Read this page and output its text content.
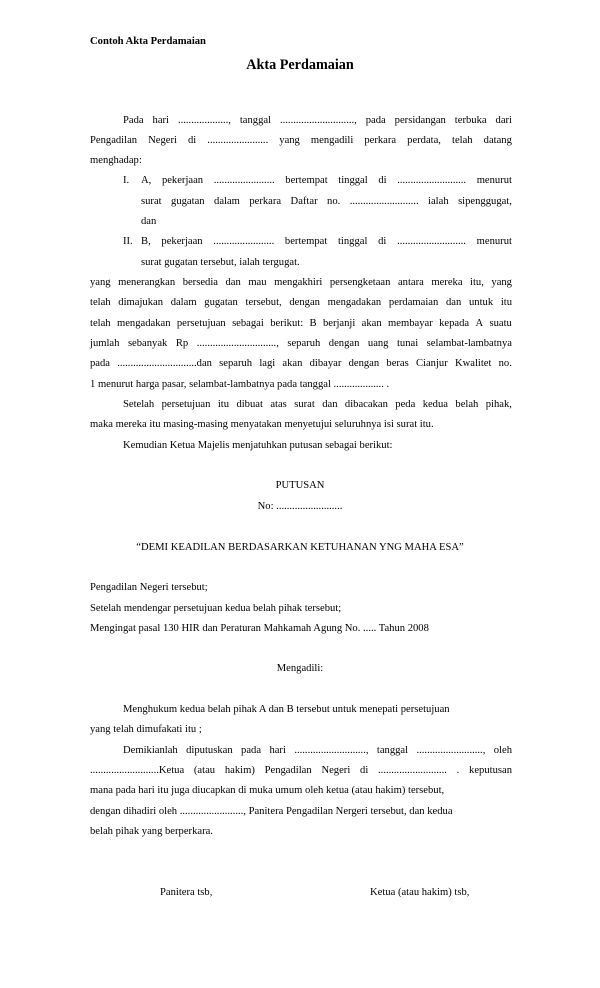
Contoh Akta Perdamaian
Akta Perdamaian
Pada hari ..................., tanggal ............................, pada persidangan terbuka dari
Pengadilan Negeri di ....................... yang mengadili perkara perdata, telah datang
menghadap:
I. A, pekerjaan ....................... bertempat tinggal di .......................... menurut
surat gugatan dalam perkara Daftar no. .......................... ialah sipenggugat,
dan
II. B, pekerjaan ....................... bertempat tinggal di .......................... menurut
surat gugatan tersebut, ialah tergugat.
yang menerangkan bersedia dan mau mengakhiri persengketaan antara mereka itu, yang
telah dimajukan dalam gugatan tersebut, dengan mengadakan perdamaian dan untuk itu
telah mengadakan persetujuan sebagai berikut: B berjanji akan membayar kepada A suatu
jumlah sebanyak Rp .............................., separuh dengan uang tunai selambat-lambatnya
pada ..............................dan separuh lagi akan dibayar dengan beras Cianjur Kwalitet no.
1 menurut harga pasar, selambat-lambatnya pada tanggal ................... .
Setelah persetujuan itu dibuat atas surat dan dibacakan peda kedua belah pihak,
maka mereka itu masing-masing menyatakan menyetujui seluruhnya isi surat itu.
Kemudian Ketua Majelis menjatuhkan putusan sebagai berikut:
PUTUSAN
No: .........................
“DEMI KEADILAN BERDASARKAN KETUHANAN YNG MAHA ESA”
Pengadilan Negeri tersebut;
Setelah mendengar persetujuan kedua belah pihak tersebut;
Mengingat pasal 130 HIR dan Peraturan Mahkamah Agung No. ..... Tahun 2008
Mengadili:
Menghukum kedua belah pihak A dan B tersebut untuk menepati persetujuan
yang telah dimufakati itu ;
Demikianlah diputuskan pada hari ..........................., tanggal ........................., oleh
..........................Ketua (atau hakim) Pengadilan Negeri di .......................... . keputusan
mana pada hari itu juga diucapkan di muka umum oleh ketua (atau hakim) tersebut,
dengan dihadiri oleh ........................, Panitera Pengadilan Nergeri tersebut, dan kedua
belah pihak yang berperkara.
Panitera tsb,	Ketua (atau hakim) tsb,
